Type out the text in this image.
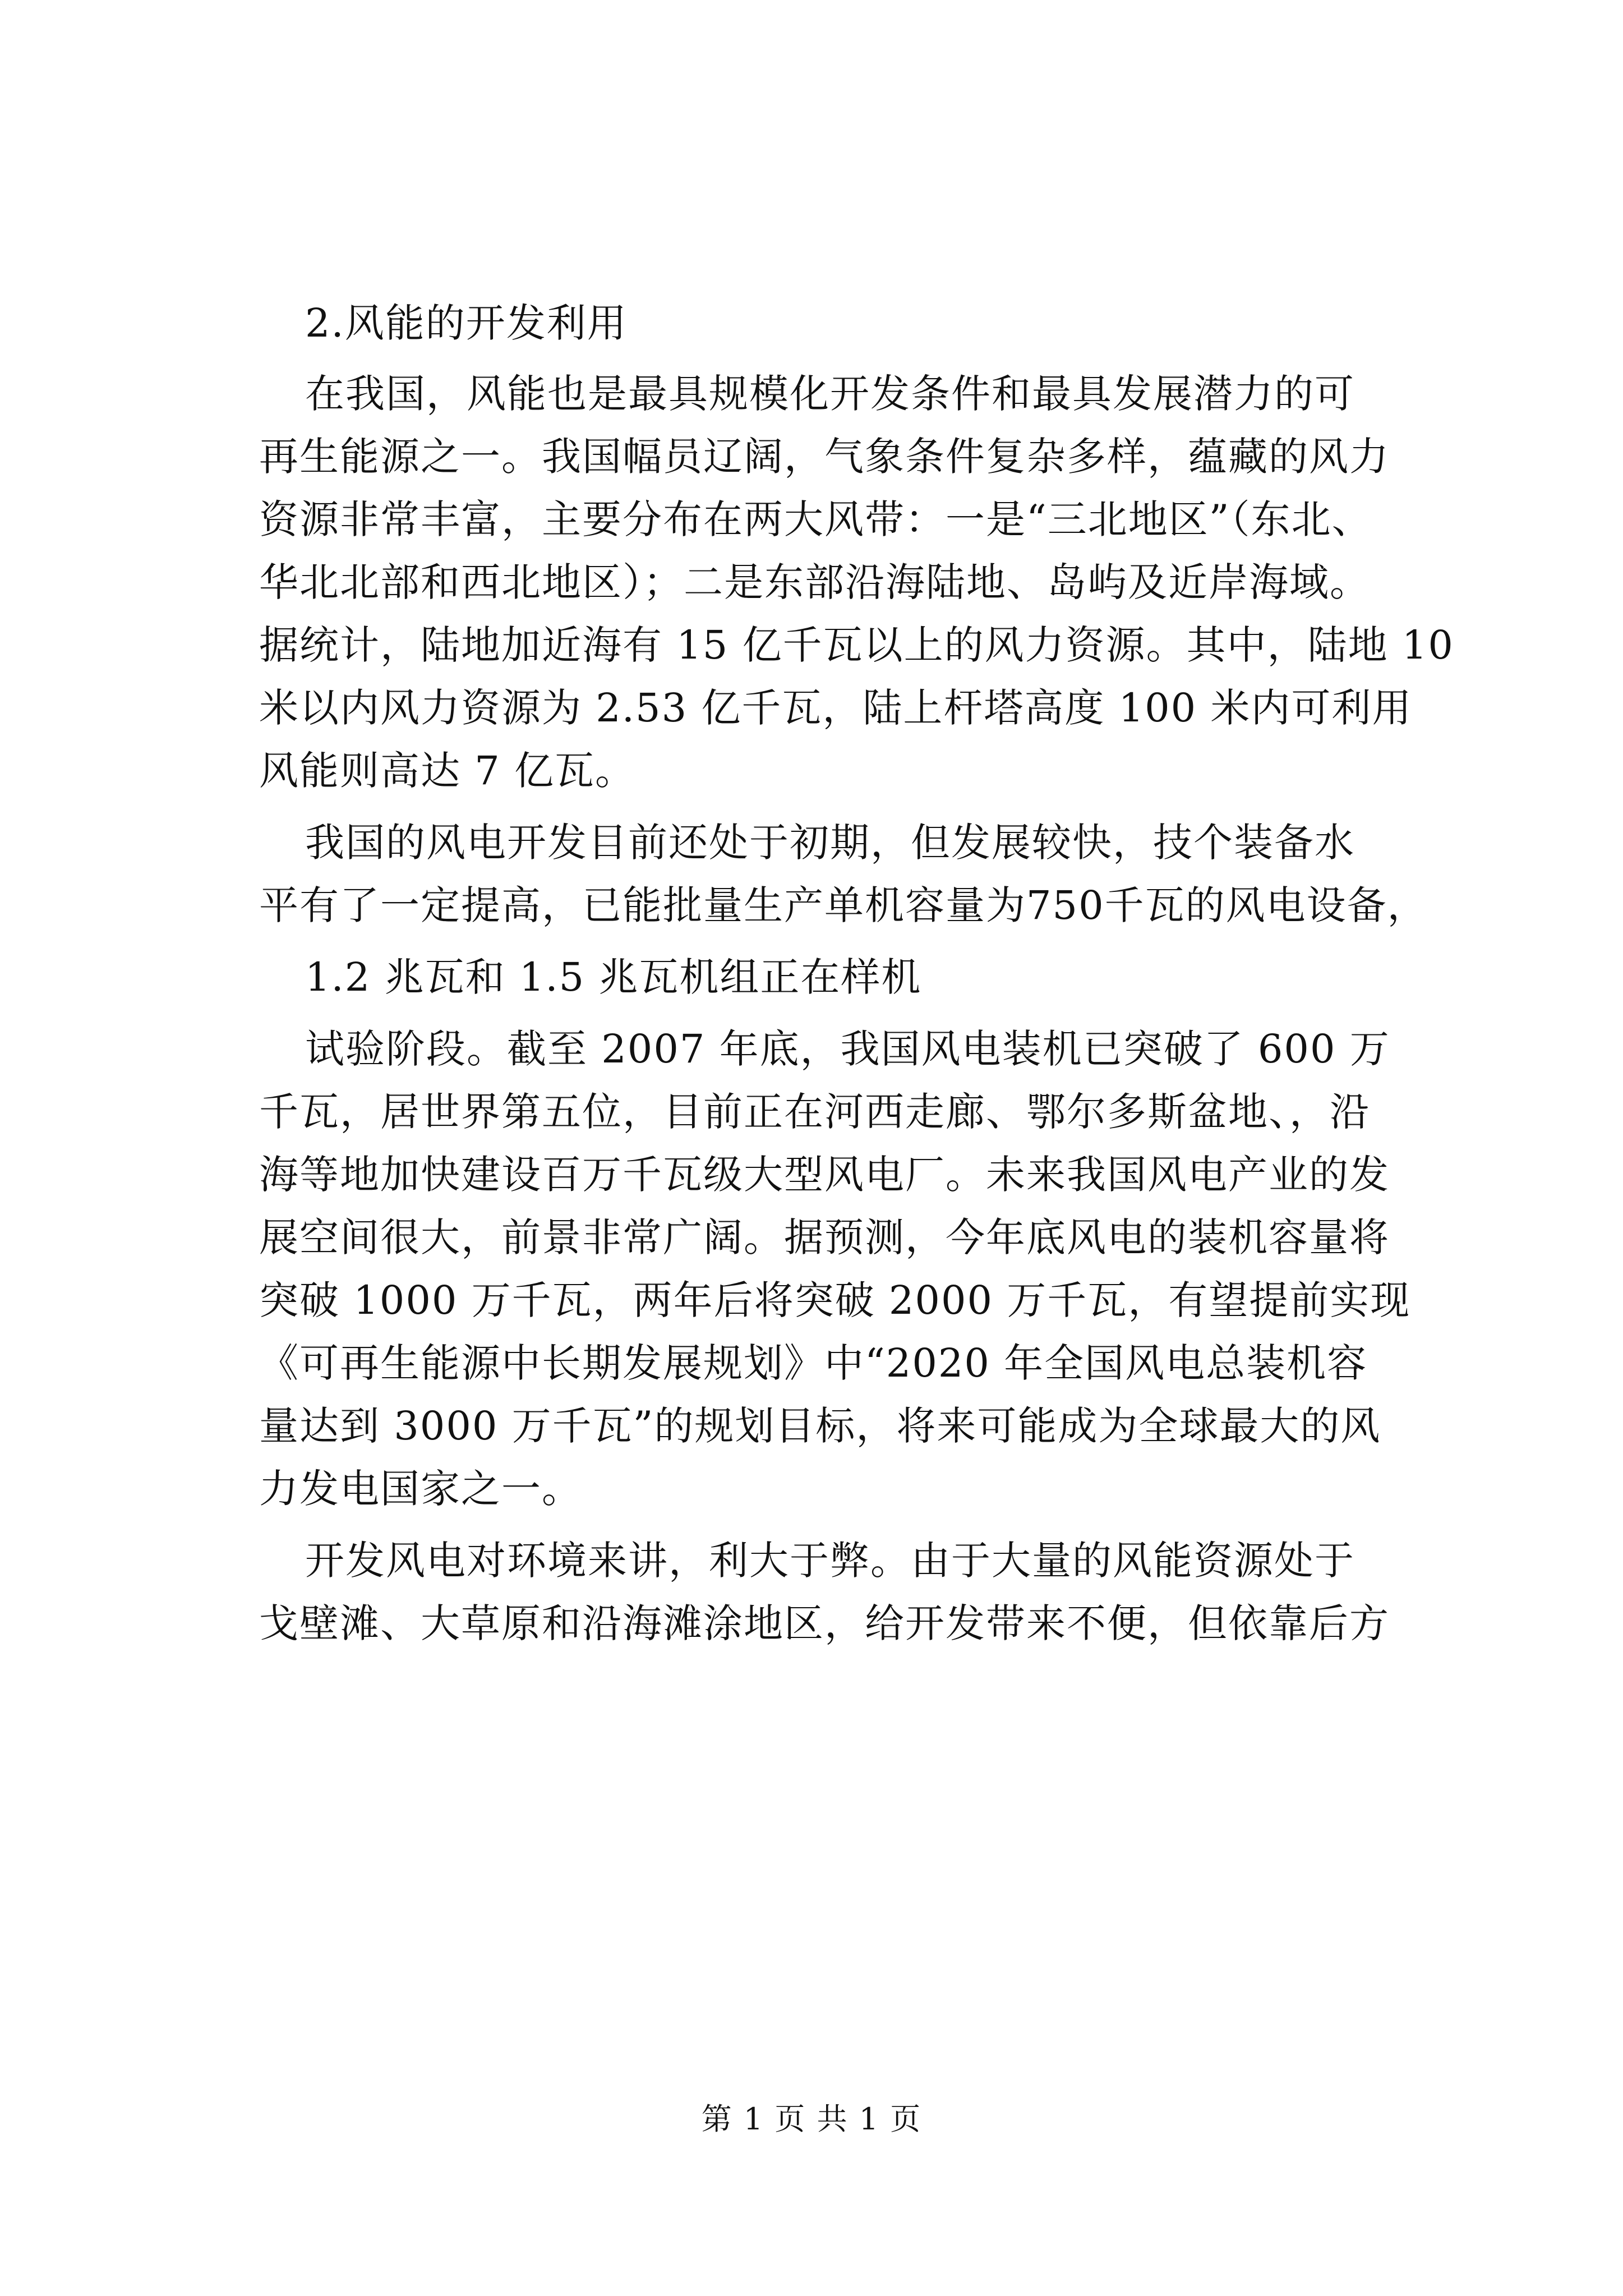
2.风能的开发利用
在我国，风能也是最具规模化开发条件和最具发展潜力的可
再生能源之一。我国幅员辽阔，气象条件复杂多样，蕴藏的风力
资源非常丰富，主要分布在两大风带：一是“三北地区”（东北、
华北北部和西北地区）；二是东部沿海陆地、岛屿及近岸海域。
据统计，陆地加近海有 15 亿千瓦以上的风力资源。其中，陆地 10
米以内风力资源为 2.53 亿千瓦，陆上杆塔高度 100 米内可利用
风能则高达 7 亿瓦。
我国的风电开发目前还处于初期，但发展较快，技个装备水
平有了一定提高，已能批量生产单机容量为750千瓦的风电设备，
1.2 兆瓦和 1.5 兆瓦机组正在样机
试验阶段。截至 2007 年底，我国风电装机已突破了 600 万
千瓦，居世界第五位，目前正在河西走廊、鄂尔多斯盆地、，沿
海等地加快建设百万千瓦级大型风电厂。未来我国风电产业的发
展空间很大，前景非常广阔。据预测，今年底风电的装机容量将
突破 1000 万千瓦，两年后将突破 2000 万千瓦，有望提前实现
《可再生能源中长期发展规划》中“2020 年全国风电总装机容
量达到 3000 万千瓦”的规划目标，将来可能成为全球最大的风
力发电国家之一。
开发风电对环境来讲，利大于弊。由于大量的风能资源处于
戈壁滩、大草原和沿海滩涂地区，给开发带来不便，但依靠后方
第 1 页 共 1 页
